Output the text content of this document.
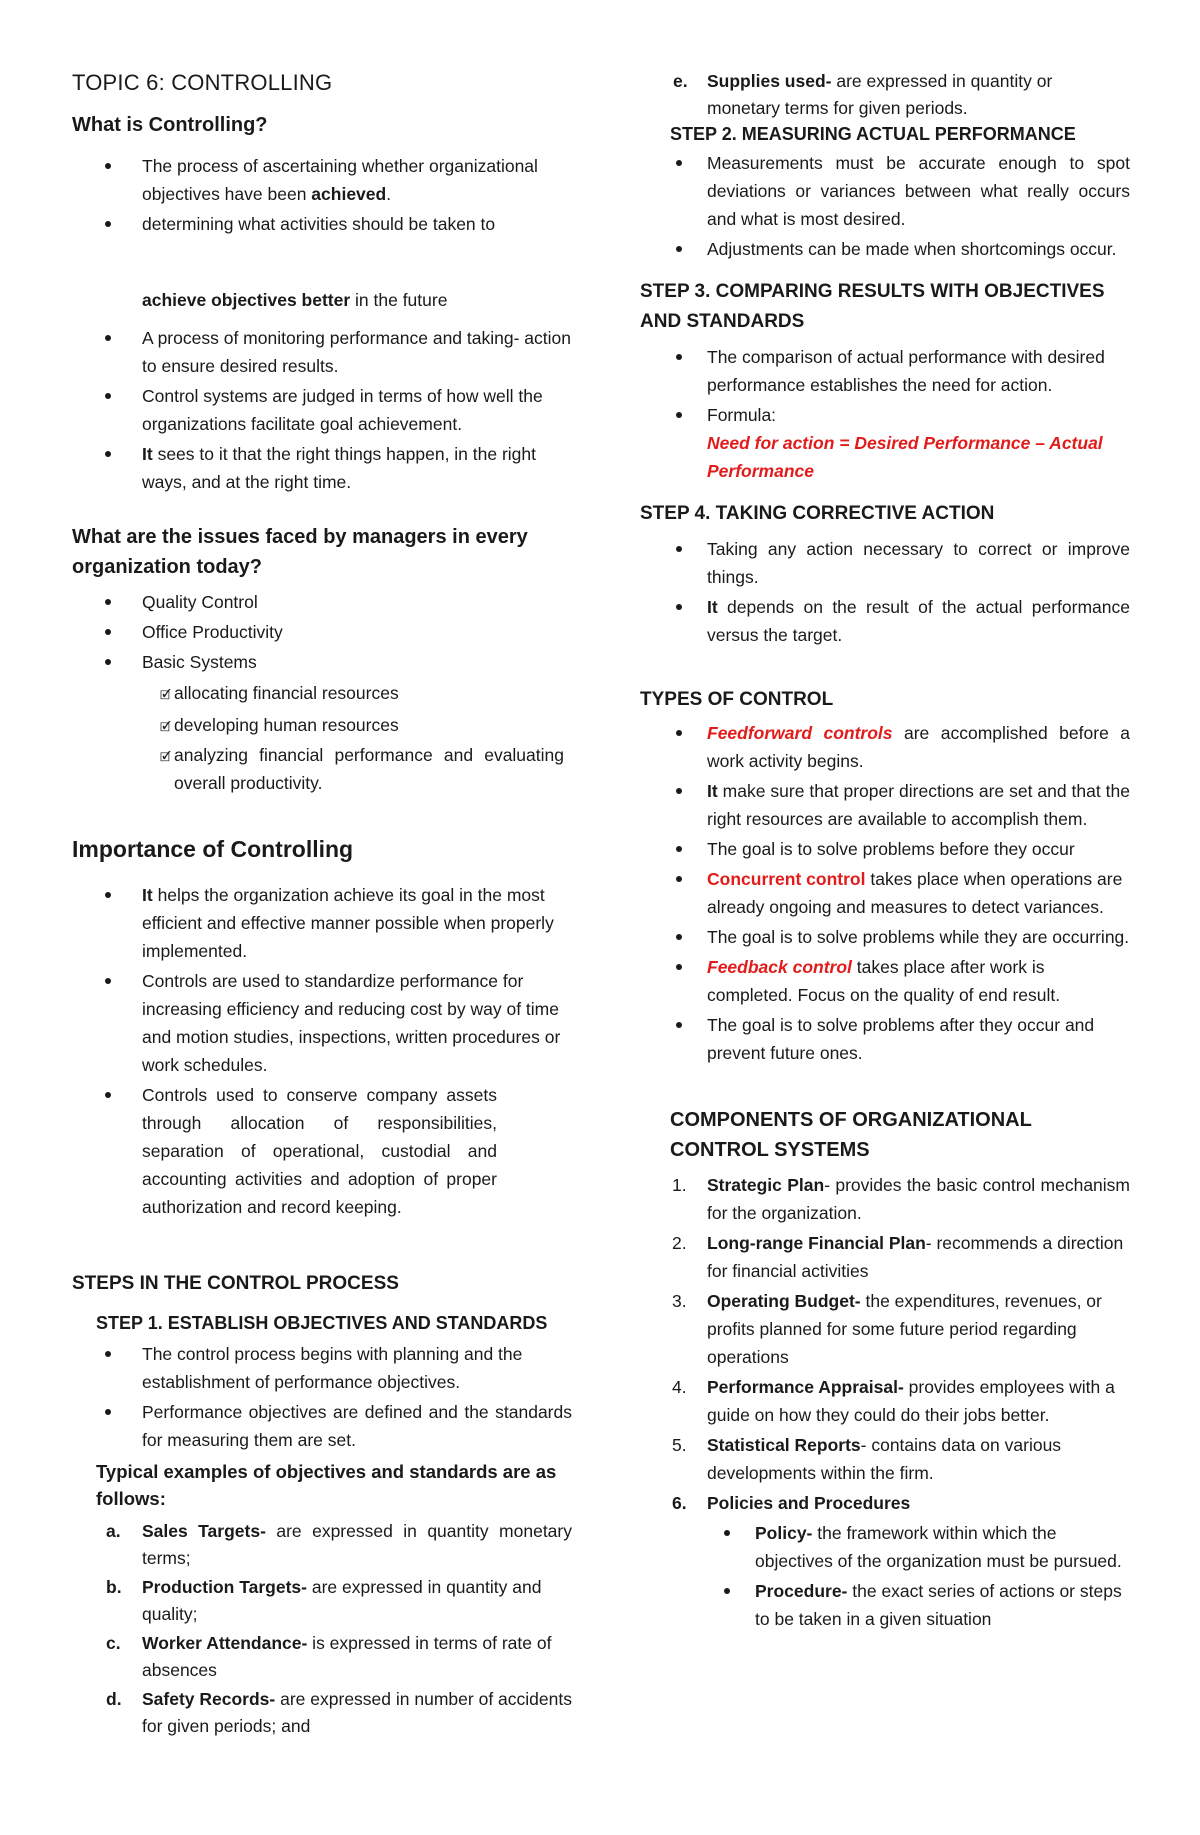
TOPIC 6: CONTROLLING
What is Controlling?
The process of ascertaining whether organizational objectives have been achieved.
determining what activities should be taken to
achieve objectives better in the future
A process of monitoring performance and taking- action to ensure desired results.
Control systems are judged in terms of how well the organizations facilitate goal achievement.
It sees to it that the right things happen, in the right ways, and at the right time.
What are the issues faced by managers in every organization today?
Quality Control
Office Productivity
Basic Systems
🗹 allocating financial resources
🗹 developing human resources
🗹 analyzing financial performance and evaluating overall productivity.
Importance of Controlling
It helps the organization achieve its goal in the most efficient and effective manner possible when properly implemented.
Controls are used to standardize performance for increasing efficiency and reducing cost by way of time and motion studies, inspections, written procedures or work schedules.
Controls used to conserve company assets through allocation of responsibilities, separation of operational, custodial and accounting activities and adoption of proper authorization and record keeping.
STEPS IN THE CONTROL PROCESS
STEP 1. ESTABLISH OBJECTIVES AND STANDARDS
The control process begins with planning and the establishment of performance objectives.
Performance objectives are defined and the standards for measuring them are set.
Typical examples of objectives and standards are as follows:
a. Sales Targets- are expressed in quantity monetary terms;
b. Production Targets- are expressed in quantity and quality;
c. Worker Attendance- is expressed in terms of rate of absences
d. Safety Records- are expressed in number of accidents for given periods; and
e. Supplies used- are expressed in quantity or monetary terms for given periods.
STEP 2. MEASURING ACTUAL PERFORMANCE
Measurements must be accurate enough to spot deviations or variances between what really occurs and what is most desired.
Adjustments can be made when shortcomings occur.
STEP 3. COMPARING RESULTS WITH OBJECTIVES AND STANDARDS
The comparison of actual performance with desired performance establishes the need for action.
Formula:
Need for action = Desired Performance – Actual Performance
STEP 4. TAKING CORRECTIVE ACTION
Taking any action necessary to correct or improve things.
It depends on the result of the actual performance versus the target.
TYPES OF CONTROL
Feedforward controls are accomplished before a work activity begins.
It make sure that proper directions are set and that the right resources are available to accomplish them.
The goal is to solve problems before they occur
Concurrent control takes place when operations are already ongoing and measures to detect variances.
The goal is to solve problems while they are occurring.
Feedback control takes place after work is completed. Focus on the quality of end result.
The goal is to solve problems after they occur and prevent future ones.
COMPONENTS OF ORGANIZATIONAL CONTROL SYSTEMS
1. Strategic Plan- provides the basic control mechanism for the organization.
2. Long-range Financial Plan- recommends a direction for financial activities
3. Operating Budget- the expenditures, revenues, or profits planned for some future period regarding operations
4. Performance Appraisal- provides employees with a guide on how they could do their jobs better.
5. Statistical Reports- contains data on various developments within the firm.
6. Policies and Procedures
Policy- the framework within which the objectives of the organization must be pursued.
Procedure- the exact series of actions or steps to be taken in a given situation
